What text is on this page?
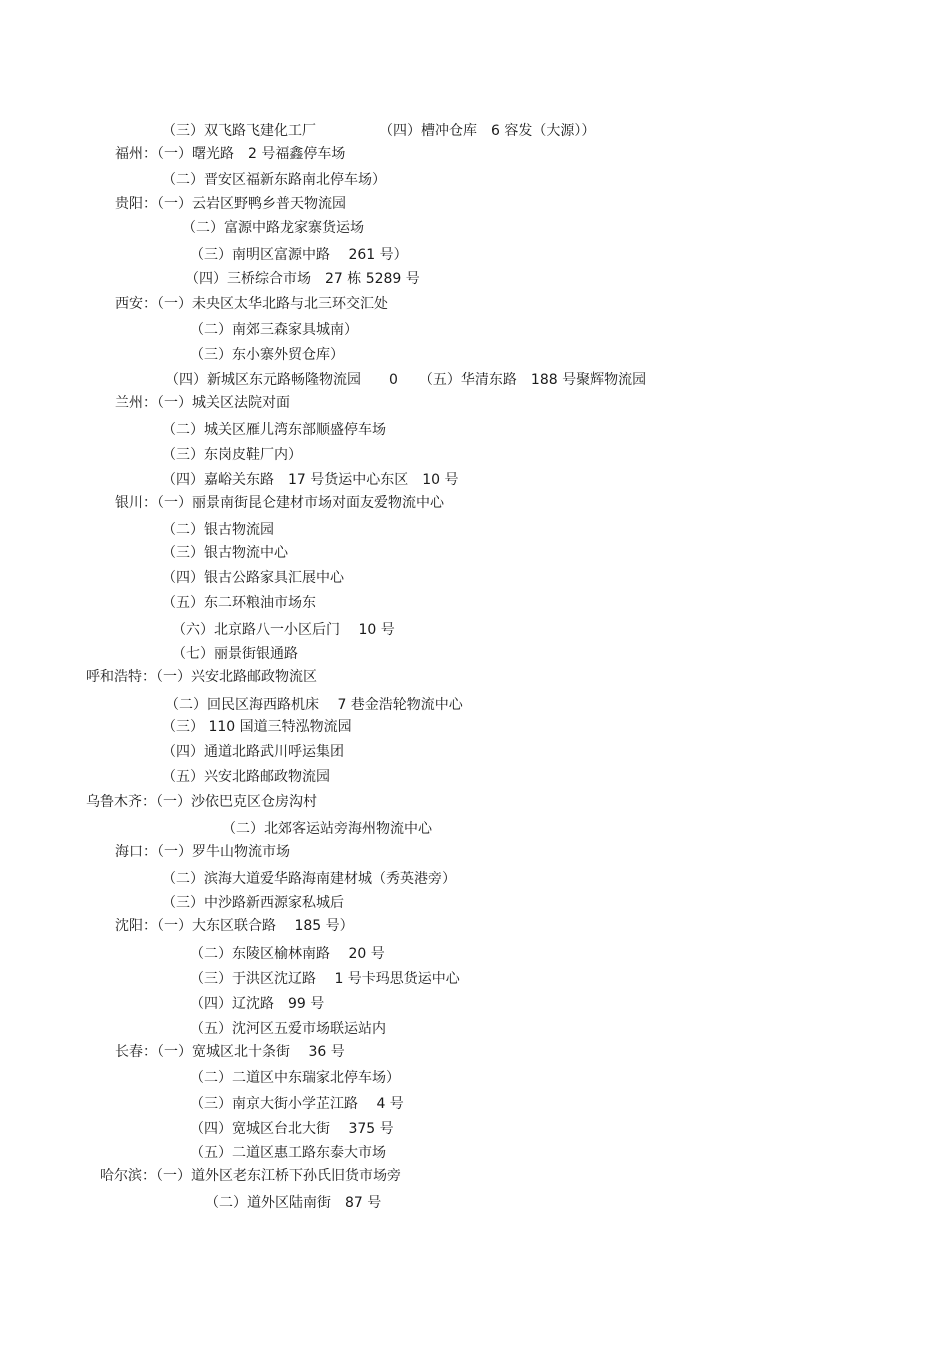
（三）双飞路飞建化工厂　　　　　（四）槽冲仓库　6 容发（大源））
福州：（一）曙光路　2 号福鑫停车场
（二）晋安区福新东路南北停车场）
贵阳：（一）云岩区野鸭乡普天物流园
（二）富源中路龙家寨货运场
（三）南明区富源中路　 261 号）
（四）三桥综合市场　27 栋 5289 号
西安：（一）未央区太华北路与北三环交汇处
（二）南郊三森家具城南）
（三）东小寨外贸仓库）
（四）新城区东元路畅隆物流园　　0　　（五）华清东路　188 号聚辉物流园
兰州：（一）城关区法院对面
（二）城关区雁儿湾东部顺盛停车场
（三）东岗皮鞋厂内）
（四）嘉峪关东路　17 号货运中心东区　10 号
银川：（一）丽景南街昆仑建材市场对面友爱物流中心
（二）银古物流园
（三）银古物流中心
（四）银古公路家具汇展中心
（五）东二环粮油市场东
（六）北京路八一小区后门　 10 号
（七）丽景街银通路
呼和浩特：（一）兴安北路邮政物流区
（二）回民区海西路机床　 7 巷金浩轮物流中心
（三） 110 国道三特泓物流园
（四）通道北路武川呼运集团
（五）兴安北路邮政物流园
乌鲁木齐：（一）沙依巴克区仓房沟村
（二）北郊客运站旁海州物流中心
海口：（一）罗牛山物流市场
（二）滨海大道爱华路海南建材城（秀英港旁）
（三）中沙路新西源家私城后
沈阳：（一）大东区联合路　 185 号）
（二）东陵区榆林南路　 20 号
（三）于洪区沈辽路　 1 号卡玛思货运中心
（四）辽沈路　99 号
（五）沈河区五爱市场联运站内
长春：（一）宽城区北十条街　 36 号
（二）二道区中东瑞家北停车场）
（三）南京大街小学芷江路　 4 号
（四）宽城区台北大街　 375 号
（五）二道区惠工路东泰大市场
哈尔滨：（一）道外区老东江桥下孙氏旧货市场旁
（二）道外区陆南街　87 号
